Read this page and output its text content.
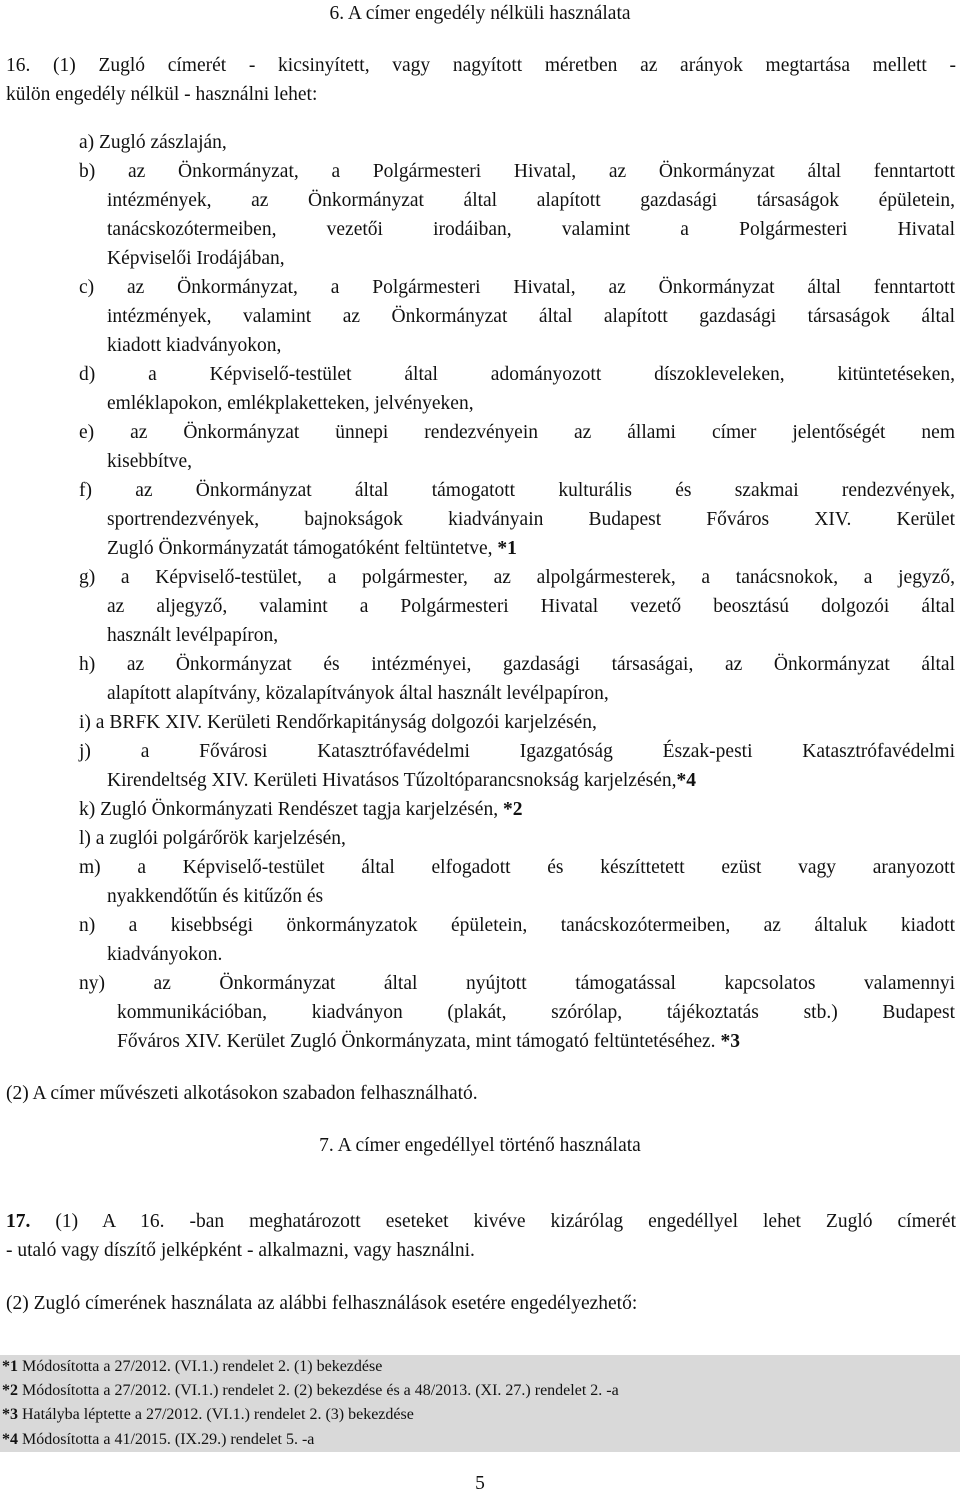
6. A címer engedély nélküli használata
16. (1) Zugló címerét - kicsinyített, vagy nagyított méretben az arányok megtartása mellett -
külön engedély nélkül - használni lehet:
a) Zugló zászlaján,
b) az Önkormányzat, a Polgármesteri Hivatal, az Önkormányzat által fenntartott
intézmények, az Önkormányzat által alapított gazdasági társaságok épületein,
tanácskozótermeiben, vezetői irodáiban, valamint a Polgármesteri Hivatal
Képviselői Irodájában,
c) az Önkormányzat, a Polgármesteri Hivatal, az Önkormányzat által fenntartott
intézmények, valamint az Önkormányzat által alapított gazdasági társaságok által
kiadott kiadványokon,
d) a Képviselő-testület által adományozott díszokleveleken, kitüntetéseken,
emléklapokon, emlékplaketteken, jelvényeken,
e) az Önkormányzat ünnepi rendezvényein az állami címer jelentőségét nem
kisebbítve,
f) az Önkormányzat által támogatott kulturális és szakmai rendezvények,
sportrendezvények, bajnokságok kiadványain Budapest Főváros XIV. Kerület
Zugló Önkormányzatát támogatóként feltüntetve, *1
g) a Képviselő-testület, a polgármester, az alpolgármesterek, a tanácsnokok, a jegyző,
az aljegyző, valamint a Polgármesteri Hivatal vezető beosztású dolgozói által
használt levélpapíron,
h) az Önkormányzat és intézményei, gazdasági társaságai, az Önkormányzat által
alapított alapítvány, közalapítványok által használt levélpapíron,
i) a BRFK XIV. Kerületi Rendőrkapitányság dolgozói karjelzésén,
j) a Fővárosi Katasztrófavédelmi Igazgatóság Észak-pesti Katasztrófavédelmi
Kirendeltség XIV. Kerületi Hivatásos Tűzoltóparancsnokság karjelzésén,*4
k) Zugló Önkormányzati Rendészet tagja karjelzésén, *2
l) a zuglói polgárőrök karjelzésén,
m) a Képviselő-testület által elfogadott és készíttetett ezüst vagy aranyozott
nyakkendőtűn és kitűzőn és
n) a kisebbségi önkormányzatok épületein, tanácskozótermeiben, az általuk kiadott
kiadványokon.
ny) az Önkormányzat által nyújtott támogatással kapcsolatos valamennyi
kommunikációban, kiadványon (plakát, szórólap, tájékoztatás stb.) Budapest
Főváros XIV. Kerület Zugló Önkormányzata, mint támogató feltüntetéséhez. *3
(2) A címer művészeti alkotásokon szabadon felhasználható.
7. A címer engedéllyel történő használata
17. (1) A 16. -ban meghatározott eseteket kivéve kizárólag engedéllyel lehet Zugló címerét
- utaló vagy díszítő jelképként - alkalmazni, vagy használni.
(2) Zugló címerének használata az alábbi felhasználások esetére engedélyezhető:
*1 Módosította a 27/2012. (VI.1.) rendelet 2. (1) bekezdése
*2 Módosította a 27/2012. (VI.1.) rendelet 2. (2) bekezdése és a 48/2013. (XI. 27.) rendelet 2. -a
*3 Hatályba léptette a 27/2012. (VI.1.) rendelet 2. (3) bekezdése
*4 Módosította a 41/2015. (IX.29.) rendelet 5. -a
5
